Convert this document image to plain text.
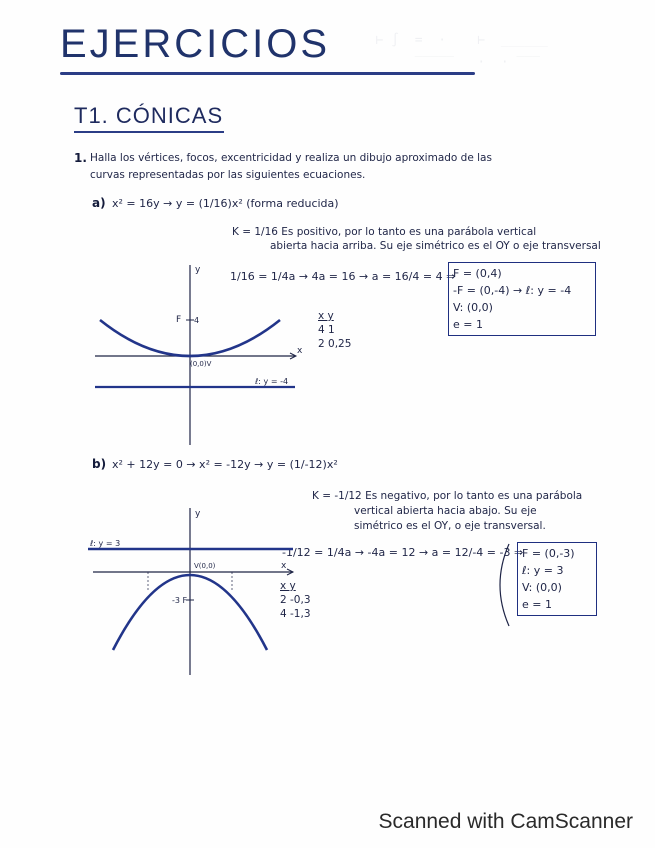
⊢ ∫  =  ·    ⊢  ______
‾‾‾‾‾   ·  · ‾‾‾

EJERCICIOS
T1. CÓNICAS
1. Halla los vértices, focos, excentricidad y realiza un dibujo aproximado de las
curvas representadas por las siguientes ecuaciones.
a) x² = 16y → y = (1/16)x² (forma reducida)
K = 1/16 Es positivo, por lo tanto es una parábola vertical
abierta hacia arriba. Su eje simétrico es el OY o eje transversal
1/16 = 1/4a → 4a = 16 → a = 16/4 = 4 ⇒
F = (0,4)
-F = (0,-4) → ℓ: y = -4
V: (0,0)
e = 1
x y
4 1
2 0,25
y
x
F 4
(0,0)V
ℓ: y = -4
b) x² + 12y = 0 → x² = -12y → y = (1/-12)x²
K = -1/12 Es negativo, por lo tanto es una parábola
vertical abierta hacia abajo. Su eje
simétrico es el OY, o eje transversal.
-1/12 = 1/4a → -4a = 12 → a = 12/-4 = -3 ⇒
F = (0,-3)
ℓ: y = 3
V: (0,0)
e = 1
x y
2 -0,3
4 -1,3
y
x
ℓ: y = 3
V(0,0)
-3 F
Scanned with CamScanner
